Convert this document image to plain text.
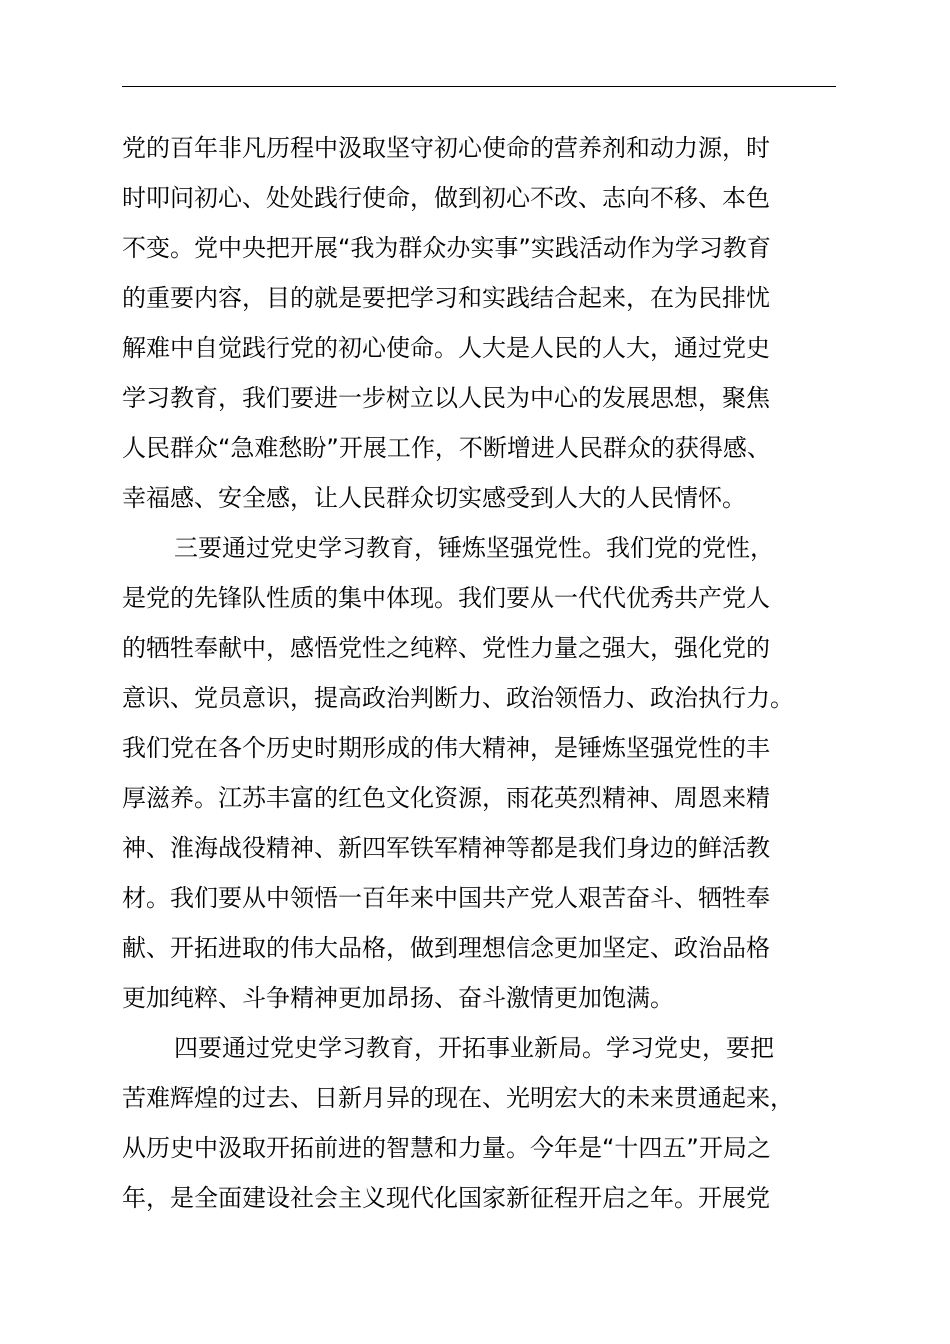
党的百年非凡历程中汲取坚守初心使命的营养剂和动力源，时
时叩问初心、处处践行使命，做到初心不改、志向不移、本色
不变。党中央把开展“我为群众办实事”实践活动作为学习教育
的重要内容，目的就是要把学习和实践结合起来，在为民排忧
解难中自觉践行党的初心使命。人大是人民的人大，通过党史
学习教育，我们要进一步树立以人民为中心的发展思想，聚焦
人民群众“急难愁盼”开展工作，不断增进人民群众的获得感、
幸福感、安全感，让人民群众切实感受到人大的人民情怀。
三要通过党史学习教育，锤炼坚强党性。我们党的党性，
是党的先锋队性质的集中体现。我们要从一代代优秀共产党人
的牺牲奉献中，感悟党性之纯粹、党性力量之强大，强化党的
意识、党员意识，提高政治判断力、政治领悟力、政治执行力。
我们党在各个历史时期形成的伟大精神，是锤炼坚强党性的丰
厚滋养。江苏丰富的红色文化资源，雨花英烈精神、周恩来精
神、淮海战役精神、新四军铁军精神等都是我们身边的鲜活教
材。我们要从中领悟一百年来中国共产党人艰苦奋斗、牺牲奉
献、开拓进取的伟大品格，做到理想信念更加坚定、政治品格
更加纯粹、斗争精神更加昂扬、奋斗激情更加饱满。
四要通过党史学习教育，开拓事业新局。学习党史，要把
苦难辉煌的过去、日新月异的现在、光明宏大的未来贯通起来，
从历史中汲取开拓前进的智慧和力量。今年是“十四五”开局之
年，是全面建设社会主义现代化国家新征程开启之年。开展党
